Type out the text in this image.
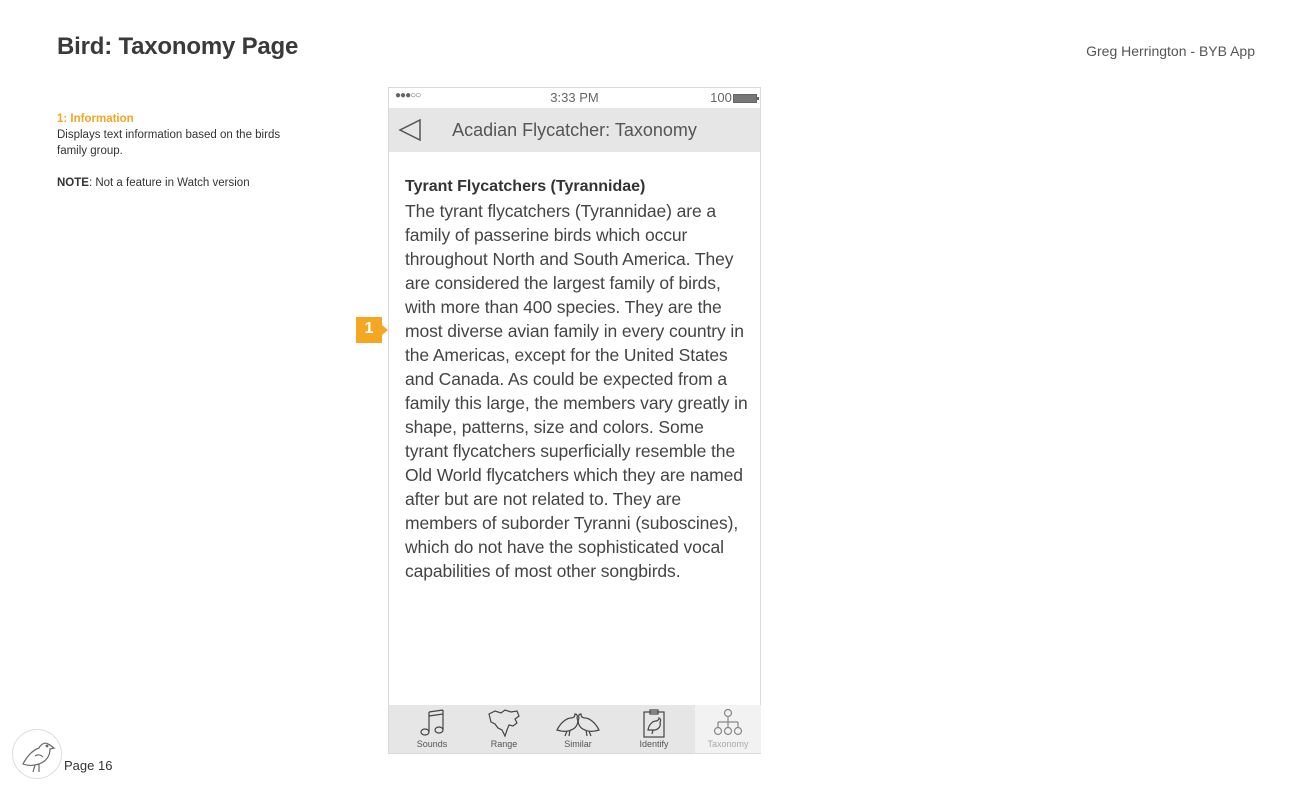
Bird: Taxonomy Page	Greg Herrington - BYB App
1: Information
Displays text information based on the birds family group.
NOTE: Not a feature in Watch version
1
●●●○○	3:33 PM	100
Acadian Flycatcher: Taxonomy
Tyrant Flycatchers (Tyrannidae)

The tyrant flycatchers (Tyrannidae) are a family of passerine birds which occur throughout North and South America. They are considered the largest family of birds, with more than 400 species. They are the most diverse avian family in every country in the Americas, except for the United States and Canada. As could be expected from a family this large, the members vary greatly in shape, patterns, size and colors. Some tyrant flycatchers superficially resemble the Old World flycatchers which they are named after but are not related to. They are members of suborder Tyranni (suboscines), which do not have the sophisticated vocal capabilities of most other songbirds.

Sounds	Range	Similar	Identify	Taxonomy
Page 16
